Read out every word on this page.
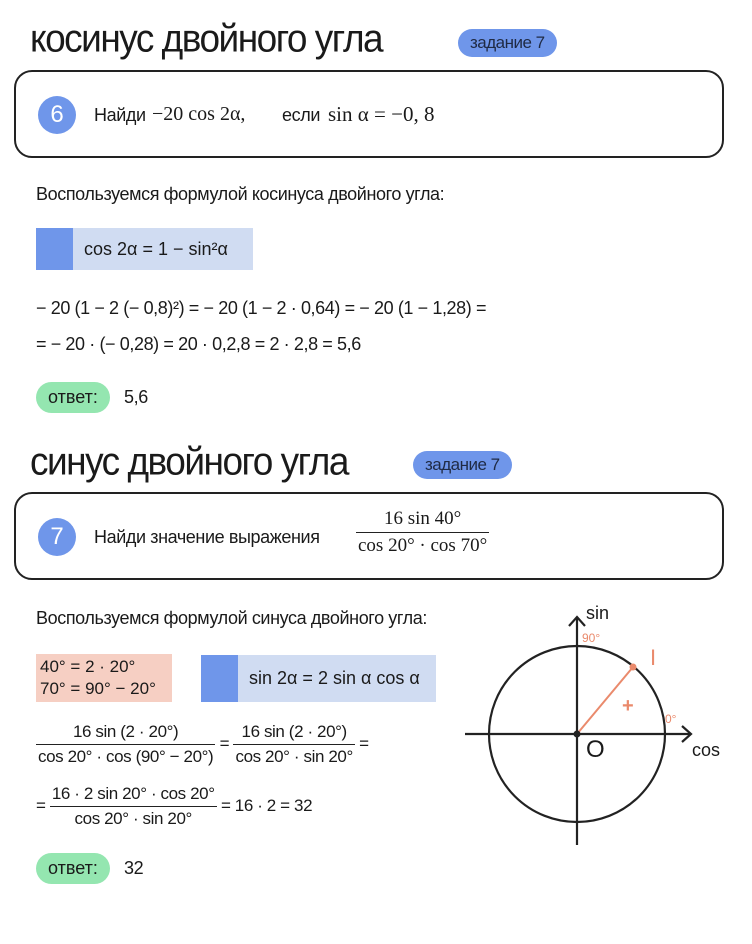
косинус двойного угла	задание 7
6	Найди −20 cos 2α, если sin α = −0, 8
Воспользуемся формулой косинуса двойного угла:
cos 2α = 1 − sin²α
− 20 (1 − 2 (− 0,8)²) = − 20 (1 − 2 · 0,64) = − 20 (1 − 1,28) =
= − 20 · (− 0,28) = 20 · 0,2,8 = 2 · 2,8 = 5,6
ответ:	5,6
синус двойного угла	задание 7
7	Найди значение выражения $\frac{16 \sin 40^\circ}{\cos 20^\circ \cdot \cos 70^\circ}$
Воспользуемся формулой синуса двойного угла:
40° = 2 · 20°
70° = 90° − 20°
sin 2α = 2 sin α cos α
$\frac{16 \sin (2 \cdot 20^\circ)}{\cos 20^\circ \cdot \cos (90^\circ - 20^\circ)} = \frac{16 \sin (2 \cdot 20^\circ)}{\cos 20^\circ \cdot \sin 20^\circ}$ =
= $\frac{16 \cdot 2 \sin 20^\circ \cdot \cos 20^\circ}{\cos 20^\circ \cdot \sin 20^\circ} = 16 \cdot 2 = 32$
ответ:	32
sin
cos
O
90°
0°
I
+
